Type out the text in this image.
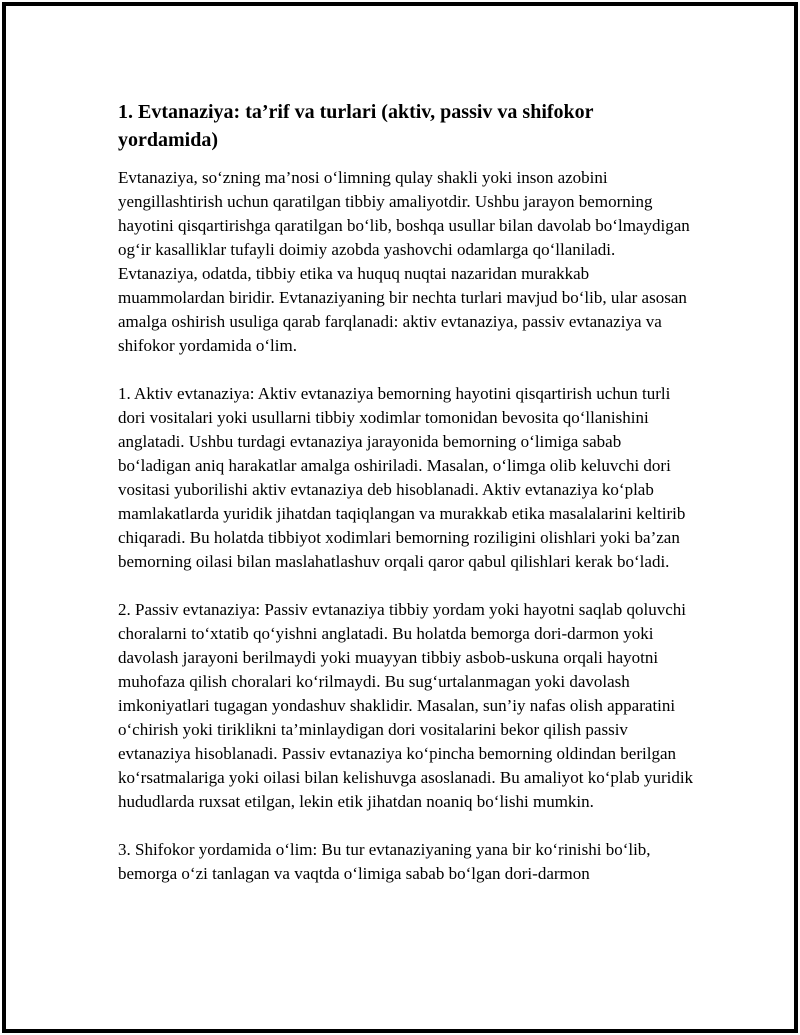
1. Evtanaziya: ta’rif va turlari (aktiv, passiv va shifokor yordamida)

Evtanaziya, so‘zning ma’nosi o‘limning qulay shakli yoki inson azobini yengillashtirish uchun qaratilgan tibbiy amaliyotdir. Ushbu jarayon bemorning hayotini qisqartirishga qaratilgan bo‘lib, boshqa usullar bilan davolab bo‘lmaydigan og‘ir kasalliklar tufayli doimiy azobda yashovchi odamlarga qo‘llaniladi. Evtanaziya, odatda, tibbiy etika va huquq nuqtai nazaridan murakkab muammolardan biridir. Evtanaziyaning bir nechta turlari mavjud bo‘lib, ular asosan amalga oshirish usuliga qarab farqlanadi: aktiv evtanaziya, passiv evtanaziya va shifokor yordamida o‘lim.

1. Aktiv evtanaziya: Aktiv evtanaziya bemorning hayotini qisqartirish uchun turli dori vositalari yoki usullarni tibbiy xodimlar tomonidan bevosita qo‘llanishini anglatadi. Ushbu turdagi evtanaziya jarayonida bemorning o‘limiga sabab bo‘ladigan aniq harakatlar amalga oshiriladi. Masalan, o‘limga olib keluvchi dori vositasi yuborilishi aktiv evtanaziya deb hisoblanadi. Aktiv evtanaziya ko‘plab mamlakatlarda yuridik jihatdan taqiqlangan va murakkab etika masalalarini keltirib chiqaradi. Bu holatda tibbiyot xodimlari bemorning roziligini olishlari yoki ba’zan bemorning oilasi bilan maslahatlashuv orqali qaror qabul qilishlari kerak bo‘ladi.

2. Passiv evtanaziya: Passiv evtanaziya tibbiy yordam yoki hayotni saqlab qoluvchi choralarni to‘xtatib qo‘yishni anglatadi. Bu holatda bemorga dori-darmon yoki davolash jarayoni berilmaydi yoki muayyan tibbiy asbob-uskuna orqali hayotni muhofaza qilish choralari ko‘rilmaydi. Bu sug‘urtalanmagan yoki davolash imkoniyatlari tugagan yondashuv shaklidir. Masalan, sun’iy nafas olish apparatini o‘chirish yoki tiriklikni ta’minlaydigan dori vositalarini bekor qilish passiv evtanaziya hisoblanadi. Passiv evtanaziya ko‘pincha bemorning oldindan berilgan ko‘rsatmalariga yoki oilasi bilan kelishuvga asoslanadi. Bu amaliyot ko‘plab yuridik hududlarda ruxsat etilgan, lekin etik jihatdan noaniq bo‘lishi mumkin.

3. Shifokor yordamida o‘lim: Bu tur evtanaziyaning yana bir ko‘rinishi bo‘lib, bemorga o‘zi tanlagan va vaqtda o‘limiga sabab bo‘lgan dori-darmon
